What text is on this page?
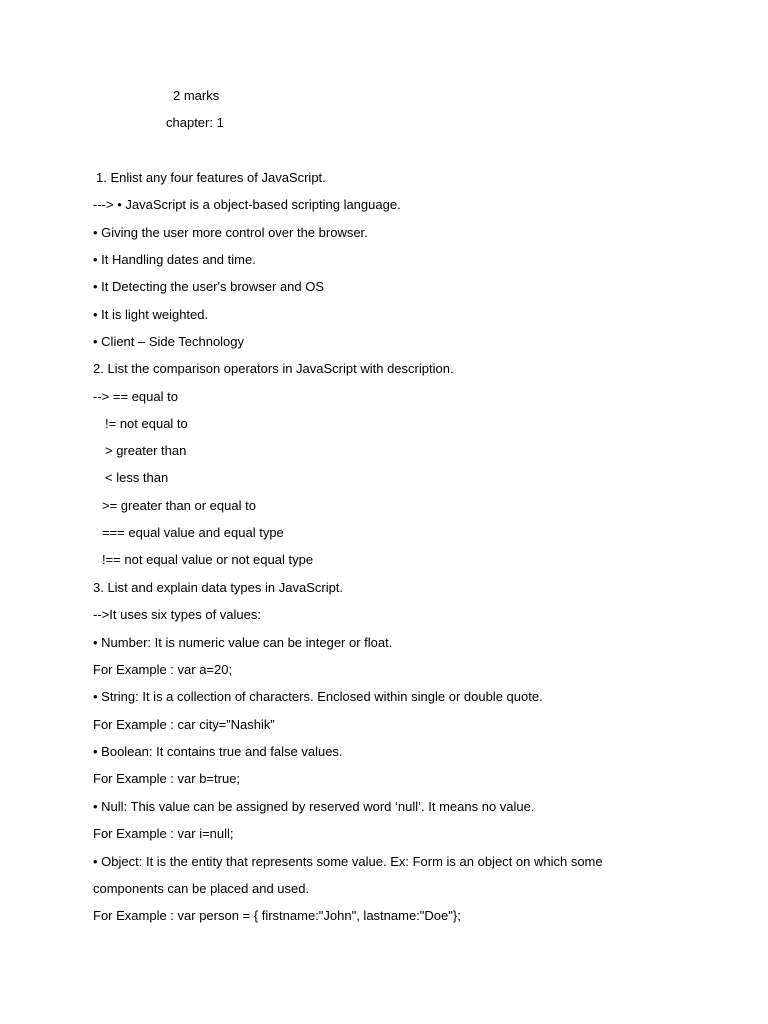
2 marks

chapter: 1

1. Enlist any four features of JavaScript.

---> • JavaScript is a object-based scripting language.

• Giving the user more control over the browser.

• It Handling dates and time.

• It Detecting the user's browser and OS

• It is light weighted.

• Client – Side Technology

2. List the comparison operators in JavaScript with description.

--> == equal to

!= not equal to

> greater than

< less than

>= greater than or equal to

=== equal value and equal type

!== not equal value or not equal type

3. List and explain data types in JavaScript.

-->It uses six types of values:

• Number: It is numeric value can be integer or float.

For Example : var a=20;

• String: It is a collection of characters. Enclosed within single or double quote.

For Example : car city=”Nashik”

• Boolean: It contains true and false values.

For Example : var b=true;

• Null: This value can be assigned by reserved word ‘null’. It means no value.

For Example : var i=null;

• Object: It is the entity that represents some value. Ex: Form is an object on which some

components can be placed and used.

For Example : var person = { firstname:"John", lastname:"Doe"};
